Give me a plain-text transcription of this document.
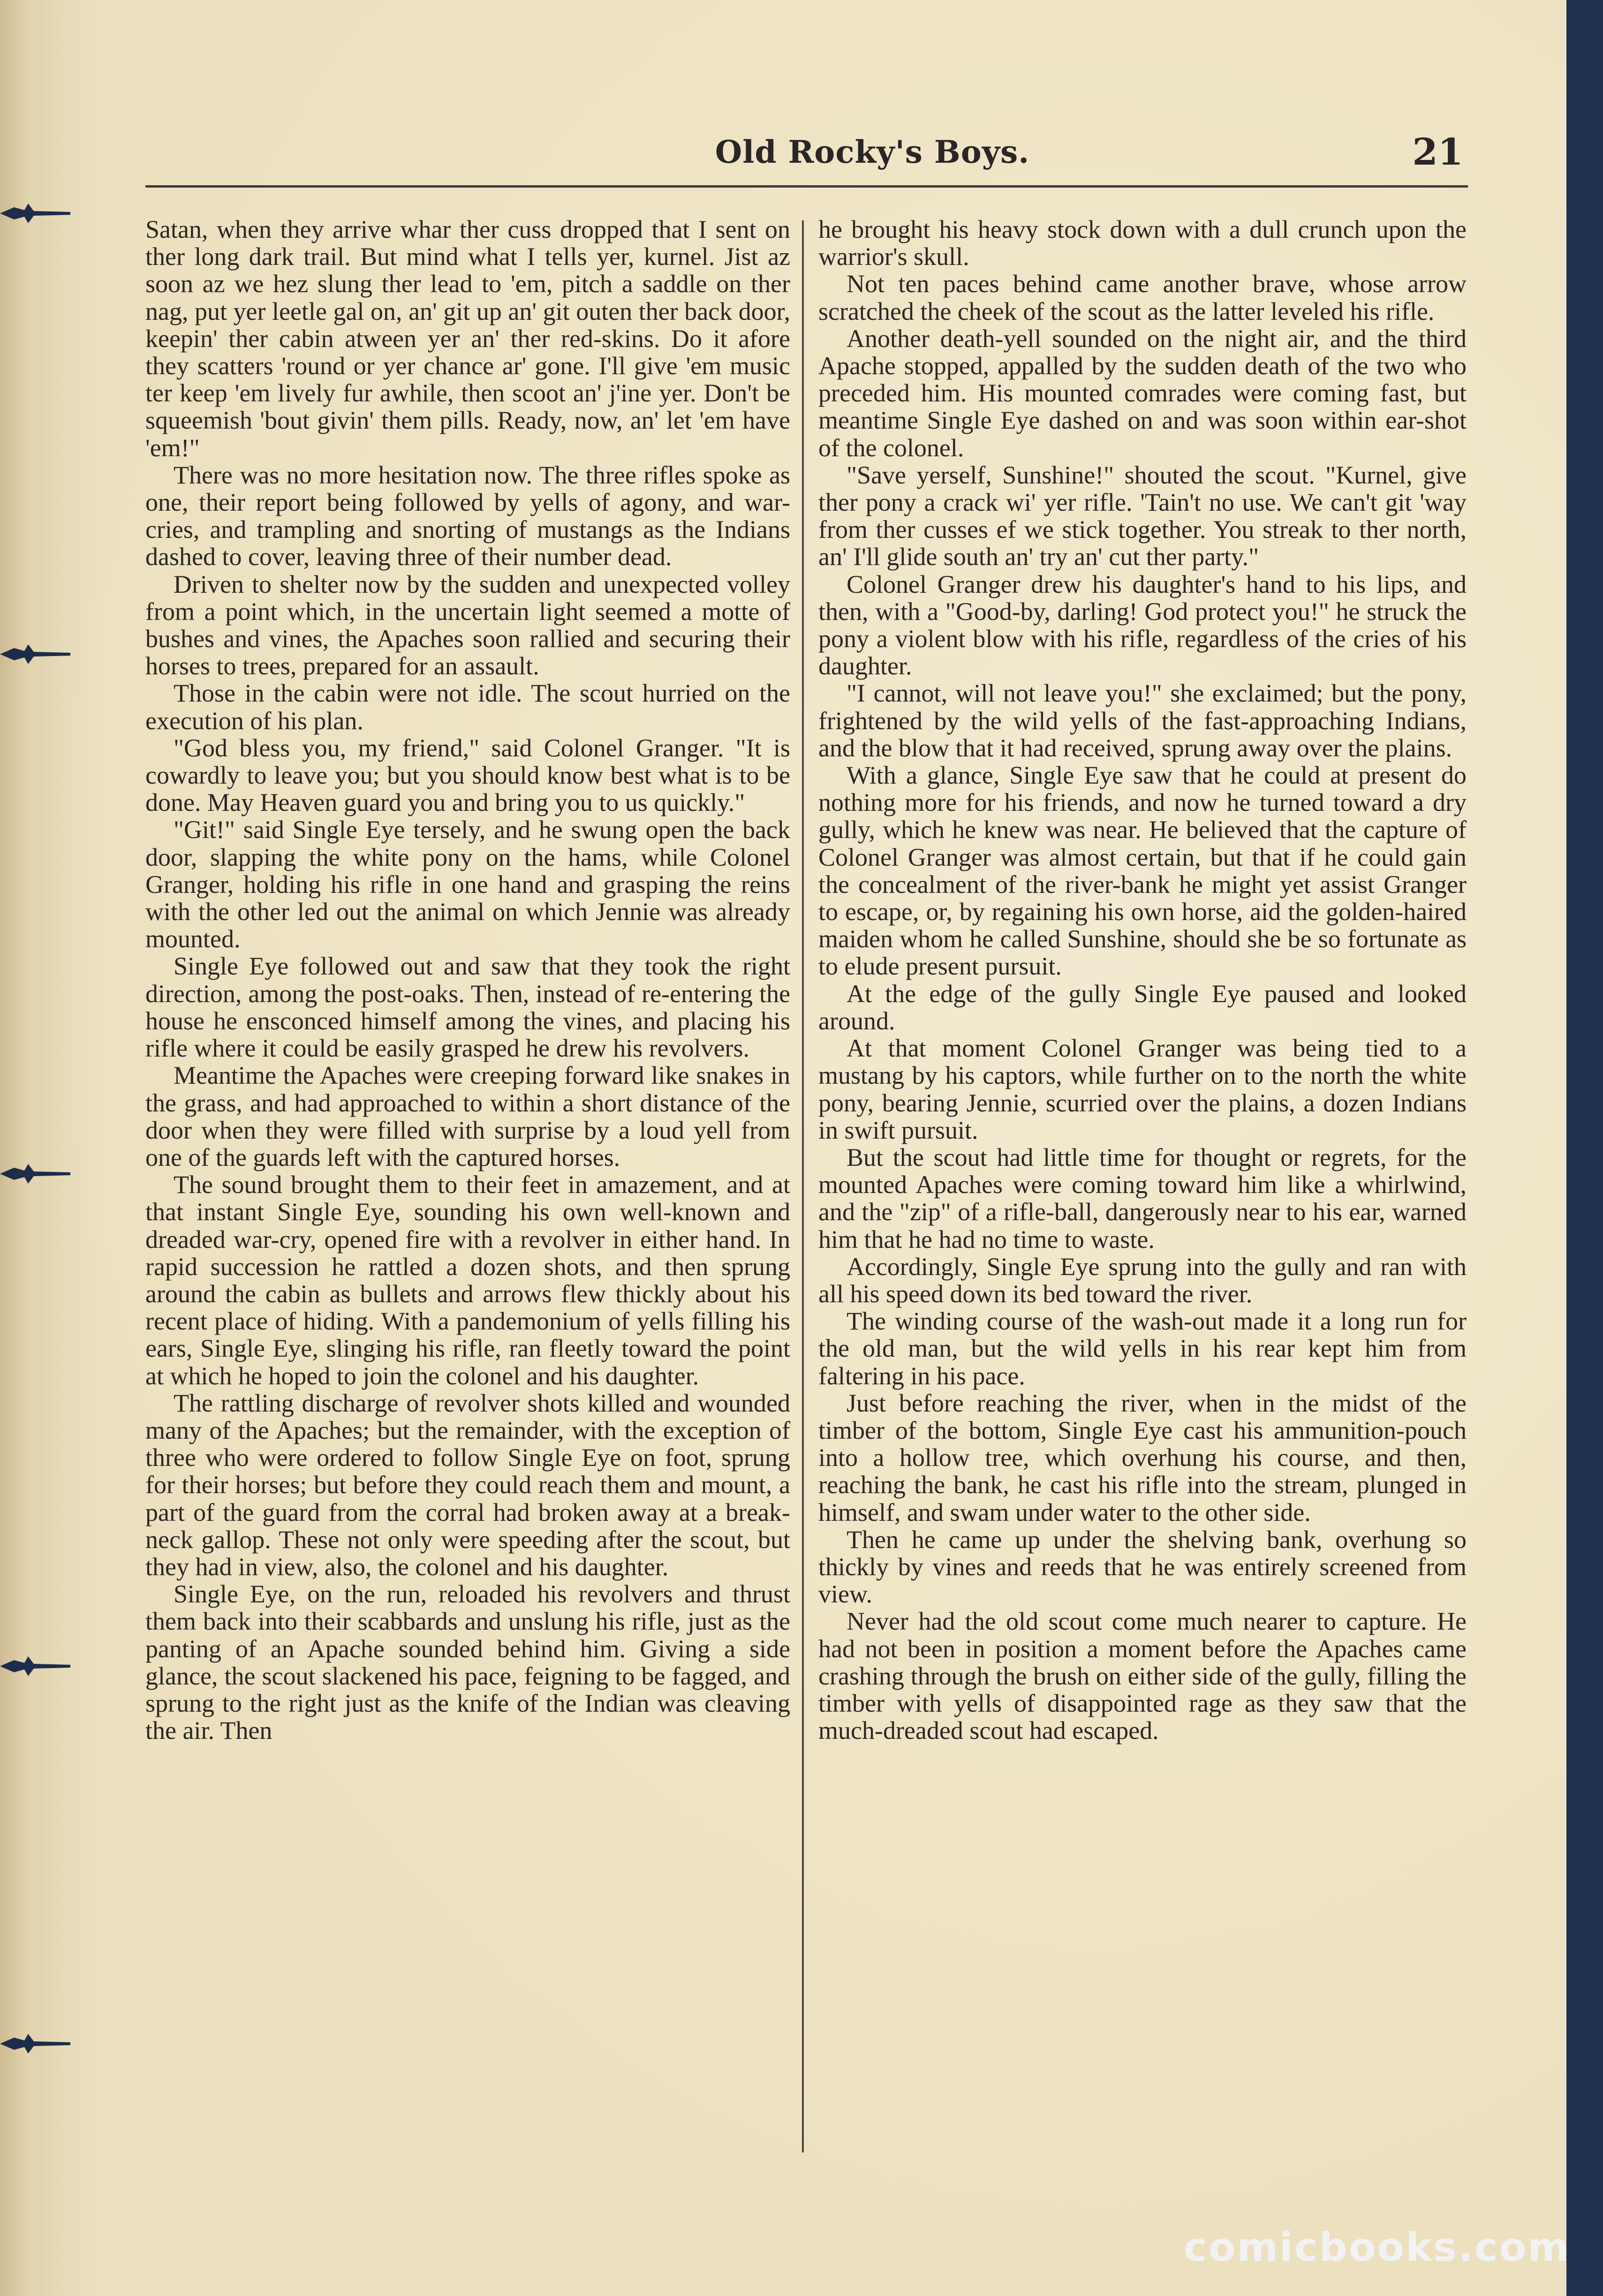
Old Rocky's Boys.	21

Satan, when they arrive whar ther cuss dropped that I sent on ther long dark trail. But mind what I tells yer, kurnel. Jist az soon az we hez slung ther lead to 'em, pitch a saddle on ther nag, put yer leetle gal on, an' git up an' git outen ther back door, keepin' ther cabin atween yer an' ther red-skins. Do it afore they scatters 'round or yer chance ar' gone. I'll give 'em music ter keep 'em lively fur awhile, then scoot an' j'ine yer. Don't be squeemish 'bout givin' them pills. Ready, now, an' let 'em have 'em!"

There was no more hesitation now. The three rifles spoke as one, their report being followed by yells of agony, and war-cries, and trampling and snorting of mustangs as the Indians dashed to cover, leaving three of their number dead.

Driven to shelter now by the sudden and unexpected volley from a point which, in the uncertain light seemed a motte of bushes and vines, the Apaches soon rallied and securing their horses to trees, prepared for an assault.

Those in the cabin were not idle. The scout hurried on the execution of his plan.

"God bless you, my friend," said Colonel Granger. "It is cowardly to leave you; but you should know best what is to be done. May Heaven guard you and bring you to us quickly."

"Git!" said Single Eye tersely, and he swung open the back door, slapping the white pony on the hams, while Colonel Granger, holding his rifle in one hand and grasping the reins with the other led out the animal on which Jennie was already mounted.

Single Eye followed out and saw that they took the right direction, among the post-oaks. Then, instead of re-entering the house he ensconced himself among the vines, and placing his rifle where it could be easily grasped he drew his revolvers.

Meantime the Apaches were creeping forward like snakes in the grass, and had approached to within a short distance of the door when they were filled with surprise by a loud yell from one of the guards left with the captured horses.

The sound brought them to their feet in amazement, and at that instant Single Eye, sounding his own well-known and dreaded war-cry, opened fire with a revolver in either hand. In rapid succession he rattled a dozen shots, and then sprung around the cabin as bullets and arrows flew thickly about his recent place of hiding. With a pandemonium of yells filling his ears, Single Eye, slinging his rifle, ran fleetly toward the point at which he hoped to join the colonel and his daughter.

The rattling discharge of revolver shots killed and wounded many of the Apaches; but the remainder, with the exception of three who were ordered to follow Single Eye on foot, sprung for their horses; but before they could reach them and mount, a part of the guard from the corral had broken away at a break-neck gallop. These not only were speeding after the scout, but they had in view, also, the colonel and his daughter.

Single Eye, on the run, reloaded his revolvers and thrust them back into their scabbards and unslung his rifle, just as the panting of an Apache sounded behind him. Giving a side glance, the scout slackened his pace, feigning to be fagged, and sprung to the right just as the knife of the Indian was cleaving the air. Then

he brought his heavy stock down with a dull crunch upon the warrior's skull.

Not ten paces behind came another brave, whose arrow scratched the cheek of the scout as the latter leveled his rifle.

Another death-yell sounded on the night air, and the third Apache stopped, appalled by the sudden death of the two who preceded him. His mounted comrades were coming fast, but meantime Single Eye dashed on and was soon within ear-shot of the colonel.

"Save yerself, Sunshine!" shouted the scout. "Kurnel, give ther pony a crack wi' yer rifle. 'Tain't no use. We can't git 'way from ther cusses ef we stick together. You streak to ther north, an' I'll glide south an' try an' cut ther party."

Colonel Granger drew his daughter's hand to his lips, and then, with a "Good-by, darling! God protect you!" he struck the pony a violent blow with his rifle, regardless of the cries of his daughter.

"I cannot, will not leave you!" she exclaimed; but the pony, frightened by the wild yells of the fast-approaching Indians, and the blow that it had received, sprung away over the plains.

With a glance, Single Eye saw that he could at present do nothing more for his friends, and now he turned toward a dry gully, which he knew was near. He believed that the capture of Colonel Granger was almost certain, but that if he could gain the concealment of the river-bank he might yet assist Granger to escape, or, by regaining his own horse, aid the golden-haired maiden whom he called Sunshine, should she be so fortunate as to elude present pursuit.

At the edge of the gully Single Eye paused and looked around.

At that moment Colonel Granger was being tied to a mustang by his captors, while further on to the north the white pony, bearing Jennie, scurried over the plains, a dozen Indians in swift pursuit.

But the scout had little time for thought or regrets, for the mounted Apaches were coming toward him like a whirlwind, and the "zip" of a rifle-ball, dangerously near to his ear, warned him that he had no time to waste.

Accordingly, Single Eye sprung into the gully and ran with all his speed down its bed toward the river.

The winding course of the wash-out made it a long run for the old man, but the wild yells in his rear kept him from faltering in his pace.

Just before reaching the river, when in the midst of the timber of the bottom, Single Eye cast his ammunition-pouch into a hollow tree, which overhung his course, and then, reaching the bank, he cast his rifle into the stream, plunged in himself, and swam under water to the other side.

Then he came up under the shelving bank, overhung so thickly by vines and reeds that he was entirely screened from view.

Never had the old scout come much nearer to capture. He had not been in position a moment before the Apaches came crashing through the brush on either side of the gully, filling the timber with yells of disappointed rage as they saw that the much-dreaded scout had escaped.

comicbooks.com
